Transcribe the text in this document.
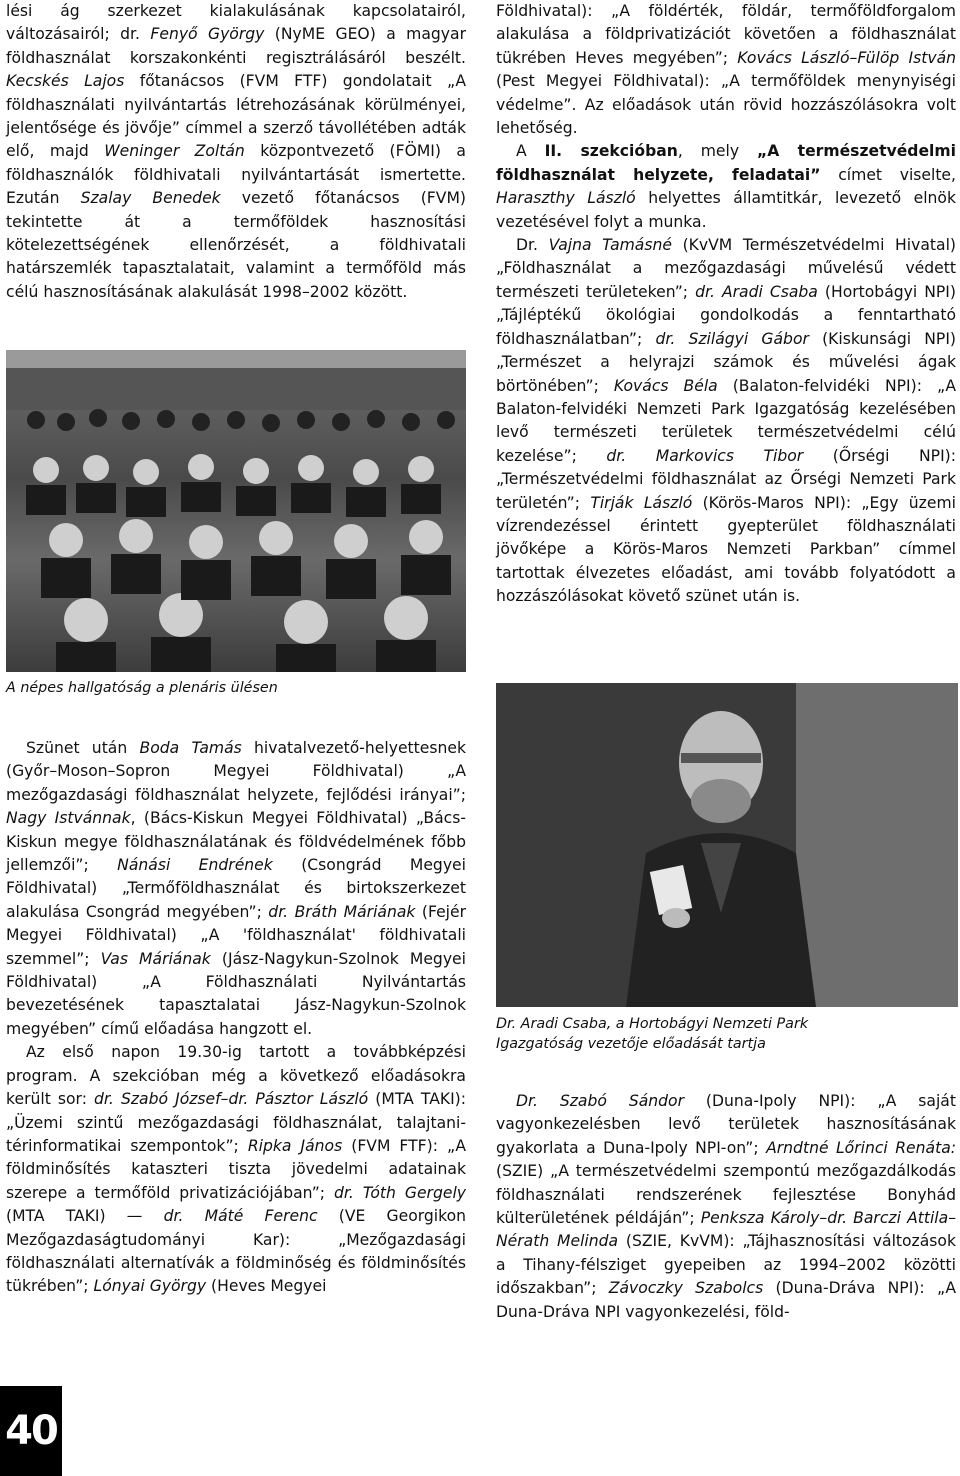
lési ág szerkezet kialakulásának kapcsolatairól, változásairól; dr. Fenyő György (NyME GEO) a magyar földhasználat korszakonkénti regisztrálásáról beszélt. Kecskés Lajos főtanácsos (FVM FTF) gondolatait „A földhasználati nyilvántartás létrehozásának körülményei, jelentősége és jövője” címmel a szerző távollétében adták elő, majd Weninger Zoltán központvezető (FÖMI) a földhasználók földhivatali nyilvántartását ismertette. Ezután Szalay Benedek vezető főtanácsos (FVM) tekintette át a termőföldek hasznosítási kötelezettségének ellenőrzését, a földhivatali határszemlék tapasztalatait, valamint a termőföld más célú hasznosításának alakulását 1998–2002 között.

A népes hallgatóság a plenáris ülésen

Földhivatal): „A földérték, földár, termőföldforgalom alakulása a földprivatizációt követően a földhasználat tükrében Heves megyében”; Kovács László–Fülöp István (Pest Megyei Földhivatal): „A termőföldek menynyiségi védelme”. Az előadások után rövid hozzászólásokra volt lehetőség.

A II. szekcióban, mely „A természetvédelmi földhasználat helyzete, feladatai” címet viselte, Haraszthy László helyettes államtitkár, levezető elnök vezetésével folyt a munka.

Dr. Vajna Tamásné (KvVM Természetvédelmi Hivatal) „Földhasználat a mezőgazdasági művelésű védett természeti területeken”; dr. Aradi Csaba (Hortobágyi NPI) „Tájléptékű ökológiai gondolkodás a fenntartható földhasználatban”; dr. Szilágyi Gábor (Kiskunsági NPI) „Természet a helyrajzi számok és művelési ágak börtönében”; Kovács Béla (Balaton-felvidéki NPI): „A Balaton-felvidéki Nemzeti Park Igazgatóság kezelésében levő természeti területek természetvédelmi célú kezelése”; dr. Markovics Tibor (Őrségi NPI): „Természetvédelmi földhasználat az Őrségi Nemzeti Park területén”; Tirják László (Körös-Maros NPI): „Egy üzemi vízrendezéssel érintett gyepterület földhasználati jövőképe a Körös-Maros Nemzeti Parkban” címmel tartottak élvezetes előadást, ami tovább folyatódott a hozzászólásokat követő szünet után is.

Dr. Aradi Csaba, a Hortobágyi Nemzeti Park
Igazgatóság vezetője előadását tartja

Szünet után Boda Tamás hivatalvezető-helyettesnek (Győr–Moson–Sopron Megyei Földhivatal) „A mezőgazdasági földhasználat helyzete, fejlődési irányai”; Nagy Istvánnak, (Bács-Kiskun Megyei Földhivatal) „Bács-Kiskun megye földhasználatának és földvédelmének főbb jellemzői”; Nánási Endrének (Csongrád Megyei Földhivatal) „Termőföldhasználat és birtokszerkezet alakulása Csongrád megyében”; dr. Bráth Máriának (Fejér Megyei Földhivatal) „A 'földhasználat' földhivatali szemmel”; Vas Máriának (Jász-Nagykun-Szolnok Megyei Földhivatal) „A Földhasználati Nyilvántartás bevezetésének tapasztalatai Jász-Nagykun-Szolnok megyében” című előadása hangzott el.

Az első napon 19.30-ig tartott a továbbképzési program. A szekcióban még a következő előadásokra került sor: dr. Szabó József–dr. Pásztor László (MTA TAKI): „Üzemi szintű mezőgazdasági földhasználat, talajtani-térinformatikai szempontok”; Ripka János (FVM FTF): „A földminősítés kataszteri tiszta jövedelmi adatainak szerepe a termőföld privatizációjában”; dr. Tóth Gergely (MTA TAKI) — dr. Máté Ferenc (VE Georgikon Mezőgazdaságtudományi Kar): „Mezőgazdasági földhasználati alternatívák a földminőség és földminősítés tükrében”; Lónyai György (Heves Megyei

Dr. Szabó Sándor (Duna-Ipoly NPI): „A saját vagyonkezelésben levő területek hasznosításának gyakorlata a Duna-Ipoly NPI-on”; Arndtné Lőrinci Renáta: (SZIE) „A természetvédelmi szempontú mezőgazdálkodás földhasználati rendszerének fejlesztése Bonyhád külterületének példáján”; Penksza Károly–dr. Barczi Attila–Nérath Melinda (SZIE, KvVM): „Tájhasznosítási változások a Tihany-félsziget gyepeiben az 1994–2002 közötti időszakban”; Závoczky Szabolcs (Duna-Dráva NPI): „A Duna-Dráva NPI vagyonkezelési, föld-

40
